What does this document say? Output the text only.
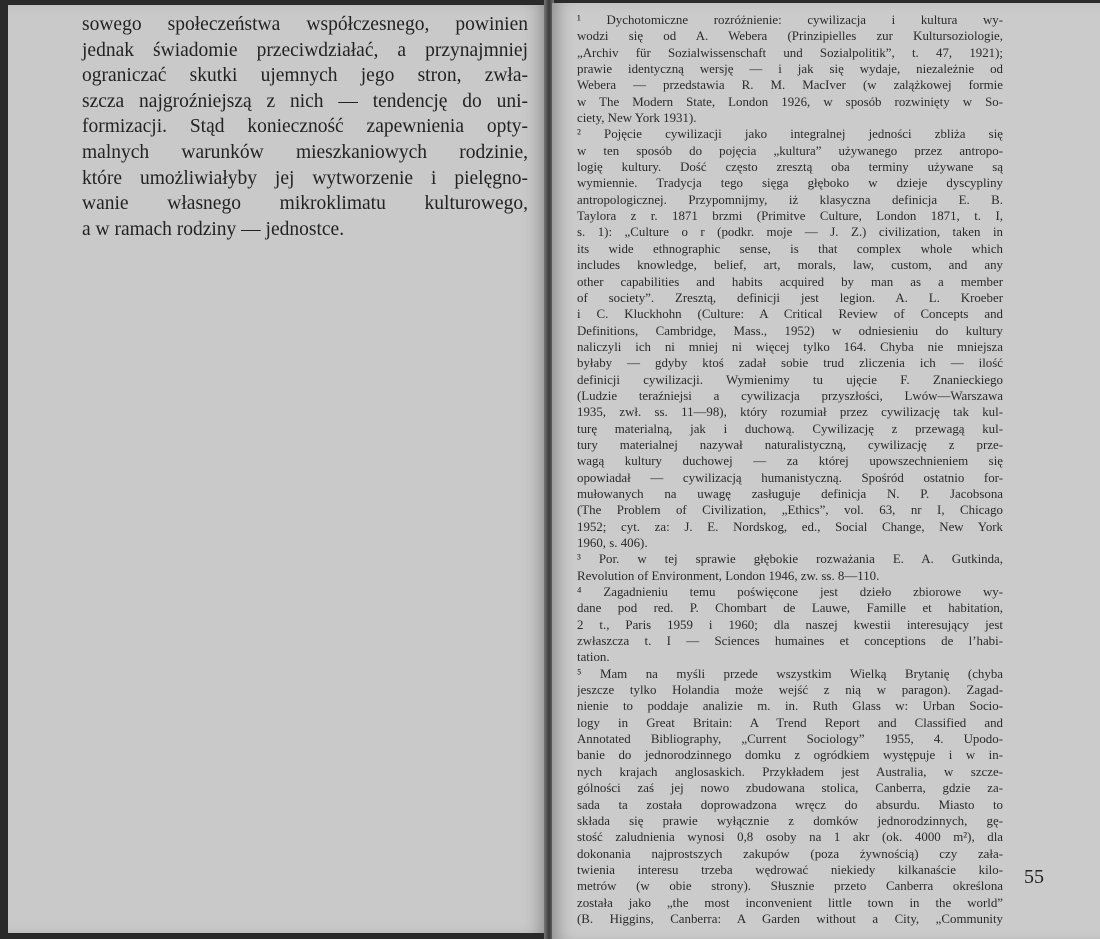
sowego społeczeństwa współczesnego, powinien
jednak świadomie przeciwdziałać, a przynajmniej
ograniczać skutki ujemnych jego stron, zwła-
szcza najgroźniejszą z nich — tendencję do uni-
formizacji. Stąd konieczność zapewnienia opty-
malnych warunków mieszkaniowych rodzinie,
które umożliwiałyby jej wytworzenie i pielęgno-
wanie własnego mikroklimatu kulturowego,
a w ramach rodziny — jednostce.
¹ Dychotomiczne rozróżnienie: cywilizacja i kultura wy-
wodzi się od A. Webera (Prinzipielles zur Kultursoziologie,
„Archiv für Sozialwissenschaft und Sozialpolitik”, t. 47, 1921);
prawie identyczną wersję — i jak się wydaje, niezależnie od
Webera — przedstawia R. M. MacIver (w zalążkowej formie
w The Modern State, London 1926, w sposób rozwinięty w So-
ciety, New York 1931).
² Pojęcie cywilizacji jako integralnej jedności zbliża się
w ten sposób do pojęcia „kultura” używanego przez antropo-
logię kultury. Dość często zresztą oba terminy używane są
wymiennie. Tradycja tego sięga głęboko w dzieje dyscypliny
antropologicznej. Przypomnijmy, iż klasyczna definicja E. B.
Taylora z r. 1871 brzmi (Primitve Culture, London 1871, t. I,
s. 1): „Culture o r (podkr. moje — J. Z.) civilization, taken in
its wide ethnographic sense, is that complex whole which
includes knowledge, belief, art, morals, law, custom, and any
other capabilities and habits acquired by man as a member
of society”. Zresztą, definicji jest legion. A. L. Kroeber
i C. Kluckhohn (Culture: A Critical Review of Concepts and
Definitions, Cambridge, Mass., 1952) w odniesieniu do kultury
naliczyli ich ni mniej ni więcej tylko 164. Chyba nie mniejsza
byłaby — gdyby ktoś zadał sobie trud zliczenia ich — ilość
definicji cywilizacji. Wymienimy tu ujęcie F. Znanieckiego
(Ludzie teraźniejsi a cywilizacja przyszłości, Lwów—Warszawa
1935, zwł. ss. 11—98), który rozumiał przez cywilizację tak kul-
turę materialną, jak i duchową. Cywilizację z przewagą kul-
tury materialnej nazywał naturalistyczną, cywilizację z prze-
wagą kultury duchowej — za której upowszechnieniem się
opowiadał — cywilizacją humanistyczną. Spośród ostatnio for-
mułowanych na uwagę zasługuje definicja N. P. Jacobsona
(The Problem of Civilization, „Ethics”, vol. 63, nr I, Chicago
1952; cyt. za: J. E. Nordskog, ed., Social Change, New York
1960, s. 406).
³ Por. w tej sprawie głębokie rozważania E. A. Gutkinda,
Revolution of Environment, London 1946, zw. ss. 8—110.
⁴ Zagadnieniu temu poświęcone jest dzieło zbiorowe wy-
dane pod red. P. Chombart de Lauwe, Famille et habitation,
2 t., Paris 1959 i 1960; dla naszej kwestii interesujący jest
zwłaszcza t. I — Sciences humaines et conceptions de l’habi-
tation.
⁵ Mam na myśli przede wszystkim Wielką Brytanię (chyba
jeszcze tylko Holandia może wejść z nią w paragon). Zagad-
nienie to poddaje analizie m. in. Ruth Glass w: Urban Socio-
logy in Great Britain: A Trend Report and Classified and
Annotated Bibliography, „Current Sociology” 1955, 4. Upodo-
banie do jednorodzinnego domku z ogródkiem występuje i w in-
nych krajach anglosaskich. Przykładem jest Australia, w szcze-
gólności zaś jej nowo zbudowana stolica, Canberra, gdzie za-
sada ta została doprowadzona wręcz do absurdu. Miasto to
składa się prawie wyłącznie z domków jednorodzinnych, gę-
stość zaludnienia wynosi 0,8 osoby na 1 akr (ok. 4000 m²), dla
dokonania najprostszych zakupów (poza żywnością) czy zała-
twienia interesu trzeba wędrować niekiedy kilkanaście kilo-
metrów (w obie strony). Słusznie przeto Canberra określona
została jako „the most inconvenient little town in the world”
(B. Higgins, Canberra: A Garden without a City, „Community
55
